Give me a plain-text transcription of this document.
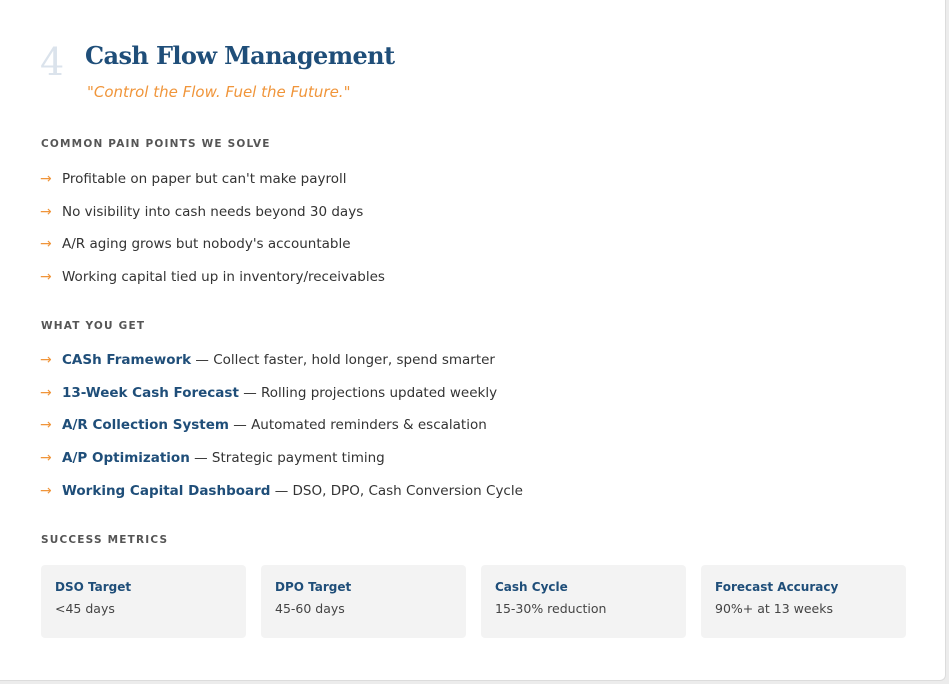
4 Cash Flow Management
"Control the Flow. Fuel the Future."
COMMON PAIN POINTS WE SOLVE
→ Profitable on paper but can't make payroll
→ No visibility into cash needs beyond 30 days
→ A/R aging grows but nobody's accountable
→ Working capital tied up in inventory/receivables
WHAT YOU GET
→ CASh Framework — Collect faster, hold longer, spend smarter
→ 13-Week Cash Forecast — Rolling projections updated weekly
→ A/R Collection System — Automated reminders & escalation
→ A/P Optimization — Strategic payment timing
→ Working Capital Dashboard — DSO, DPO, Cash Conversion Cycle
SUCCESS METRICS
DSO Target
<45 days
DPO Target
45-60 days
Cash Cycle
15-30% reduction
Forecast Accuracy
90%+ at 13 weeks
